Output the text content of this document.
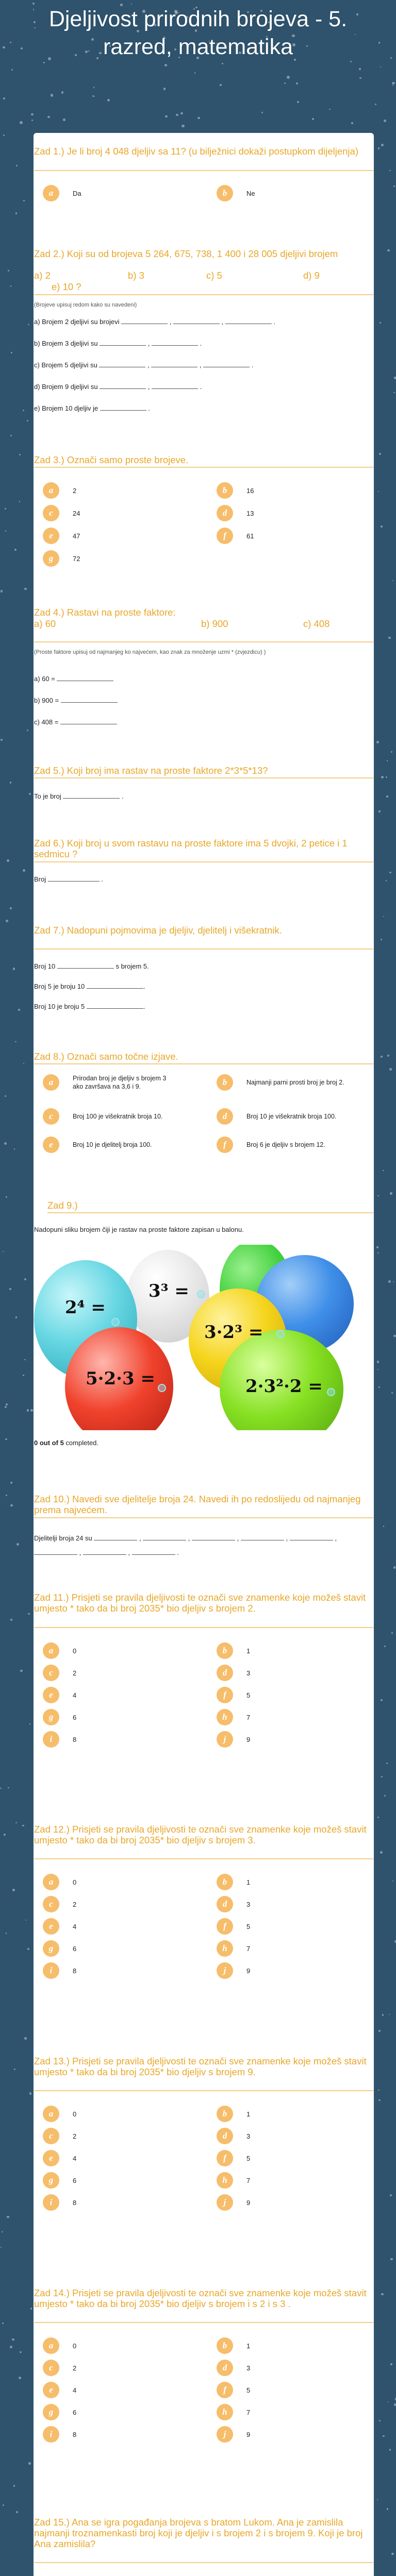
Djeljivost prirodnih brojeva - 5. razred, matematika
Zad 1.) Je li broj 4 048 djeljiv sa 11? (u bilježnici dokaži postupkom dijeljenja)
a	Da	b	Ne
Zad 2.) Koji su od brojeva 5 264, 675, 738, 1 400 i 28 005 djeljivi brojem
a) 2	b) 3	c) 5	d) 9
e) 10 ?
(Brojeve upisuj redom kako su navedeni)
a) Brojem 2 djeljivi su brojevi	,	,	.
b) Brojem 3 djeljivi su	,	.
c) Brojem 5 djeljivi su	,	,	.
d) Brojem 9 djeljivi su	,	.
e) Brojem 10 djeljiv je	.
Zad 3.) Označi samo proste brojeve.
a	2	b	16
c	24	d	13
e	47	f	61
g	72
Zad 4.) Rastavi na proste faktore:
a) 60	b) 900	c) 408
(Proste faktore upisuj od najmanjeg ko najvećem, kao znak za množenje uzmi * (zvjezdicu) )
a) 60 =
b) 900 =
c) 408 =
Zad 5.) Koji broj ima rastav na proste faktore 2*3*5*13?
To je broj	.
Zad 6.) Koji broj u svom rastavu na proste faktore ima 5 dvojki, 2 petice i 1 sedmicu ?
Broj	.
Zad 7.) Nadopuni pojmovima je djeljiv, djelitelj i višekratnik.
Broj 10	s brojem 5.
Broj 5 je broju 10	.
Broj 10 je broju 5	.
Zad 8.) Označi samo točne izjave.
a	Prirodan broj je djeljiv s brojem 3 ako završava na 3,6 i 9.	b	Najmanji parni prosti broj je broj 2.
c	Broj 100 je višekratnik broja 10.	d	Broj 10 je višekratnik broja 100.
e	Broj 10 je djelitelj broja 100.	f	Broj 6 je djeljiv s brojem 12.
Zad 9.)
Nadopuni sliku brojem čiji je rastav na proste faktore zapisan u balonu.
3³ =
2⁴ =
3·2³ =
5·2·3 =	2·3²·2 =
0 out of 5 completed.
Zad 10.) Navedi sve djelitelje broja 24. Navedi ih po redoslijedu od najmanjeg prema najvećem.
Djelitelji broja 24 su	,	,	,	,	,  ,	,	.
Zad 11.) Prisjeti se pravila djeljivosti te označi sve znamenke koje možeš stavit umjesto * tako da bi broj 2035* bio djeljiv s brojem 2.
a	0	b	1
c	2	d	3
e	4	f	5
g	6	h	7
i	8	j	9
Zad 12.) Prisjeti se pravila djeljivosti te označi sve znamenke koje možeš stavit umjesto * tako da bi broj 2035* bio djeljiv s brojem 3.
a	0	b	1
c	2	d	3
e	4	f	5
g	6	h	7
i	8	j	9
Zad 13.) Prisjeti se pravila djeljivosti te označi sve znamenke koje možeš stavit umjesto * tako da bi broj 2035* bio djeljiv s brojem 9.
a	0	b	1
c	2	d	3
e	4	f	5
g	6	h	7
i	8	j	9
Zad 14.) Prisjeti se pravila djeljivosti te označi sve znamenke koje možeš stavit umjesto * tako da bi broj 2035* bio djeljiv s brojem i s 2 i s 3 .
a	0	b	1
c	2	d	3
e	4	f	5
g	6	h	7
i	8	j	9
Zad 15.) Ana se igra pogađanja brojeva s bratom Lukom. Ana je zamislila najmanji troznamenkasti broj koji je djeljiv i s brojem 2 i s brojem 9. Koji je broj Ana zamislila?
